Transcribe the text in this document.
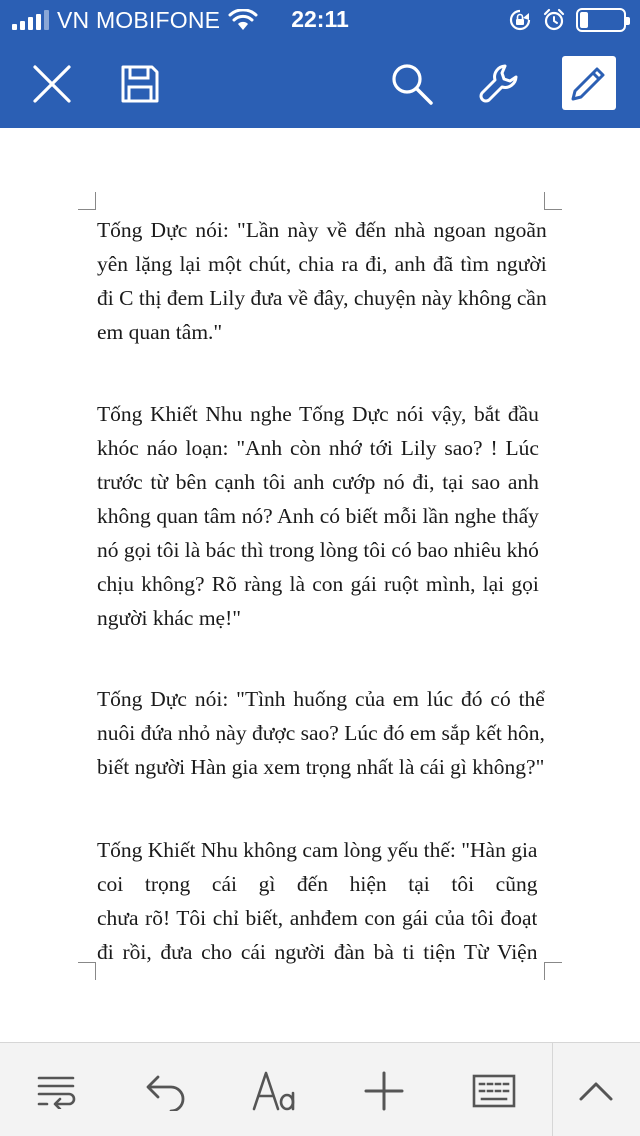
VN MOBIFONE	22:11
Tống Dực nói: "Lần này về đến nhà ngoan ngoãn
yên lặng lại một chút, chia ra đi, anh đã tìm người
đi C thị đem Lily đưa về đây, chuyện này không cần
em quan tâm."
Tống Khiết Nhu nghe Tống Dực nói vậy, bắt đầu
khóc náo loạn: "Anh còn nhớ tới Lily sao? ! Lúc
trước từ bên cạnh tôi anh cướp nó đi, tại sao anh
không quan tâm nó? Anh có biết mỗi lần nghe thấy
nó gọi tôi là bác thì trong lòng tôi có bao nhiêu khó
chịu không? Rõ ràng là con gái ruột mình, lại gọi
người khác mẹ!"
Tống Dực nói: "Tình huống của em lúc đó có thể
nuôi đứa nhỏ này được sao? Lúc đó em sắp kết hôn,
biết người Hàn gia xem trọng nhất là cái gì không?"
Tống Khiết Nhu không cam lòng yếu thế: "Hàn gia
coi trọng cái gì đến hiện tại tôi cũng
chưa rõ! Tôi chỉ biết, anhđem con gái của tôi đoạt
đi rồi, đưa cho cái người đàn bà ti tiện Từ Viện
